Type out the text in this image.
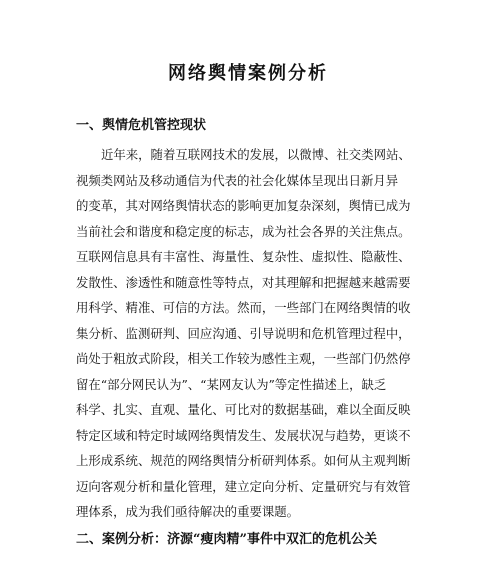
网络舆情案例分析
一、舆情危机管控现状

近年来，随着互联网技术的发展，以微博、社交类网站、
视频类网站及移动通信为代表的社会化媒体呈现出日新月异
的变革，其对网络舆情状态的影响更加复杂深刻，舆情已成为
当前社会和谐度和稳定度的标志，成为社会各界的关注焦点。
互联网信息具有丰富性、海量性、复杂性、虚拟性、隐蔽性、
发散性、渗透性和随意性等特点，对其理解和把握越来越需要
用科学、精准、可信的方法。然而，一些部门在网络舆情的收
集分析、监测研判、回应沟通、引导说明和危机管理过程中，
尚处于粗放式阶段，相关工作较为感性主观，一些部门仍然停
留在“部分网民认为”、“某网友认为”等定性描述上，缺乏
科学、扎实、直观、量化、可比对的数据基础，难以全面反映
特定区域和特定时域网络舆情发生、发展状况与趋势，更谈不
上形成系统、规范的网络舆情分析研判体系。如何从主观判断
迈向客观分析和量化管理，建立定向分析、定量研究与有效管
理体系，成为我们亟待解决的重要课题。

二、案例分析：济源“瘦肉精”事件中双汇的危机公关
